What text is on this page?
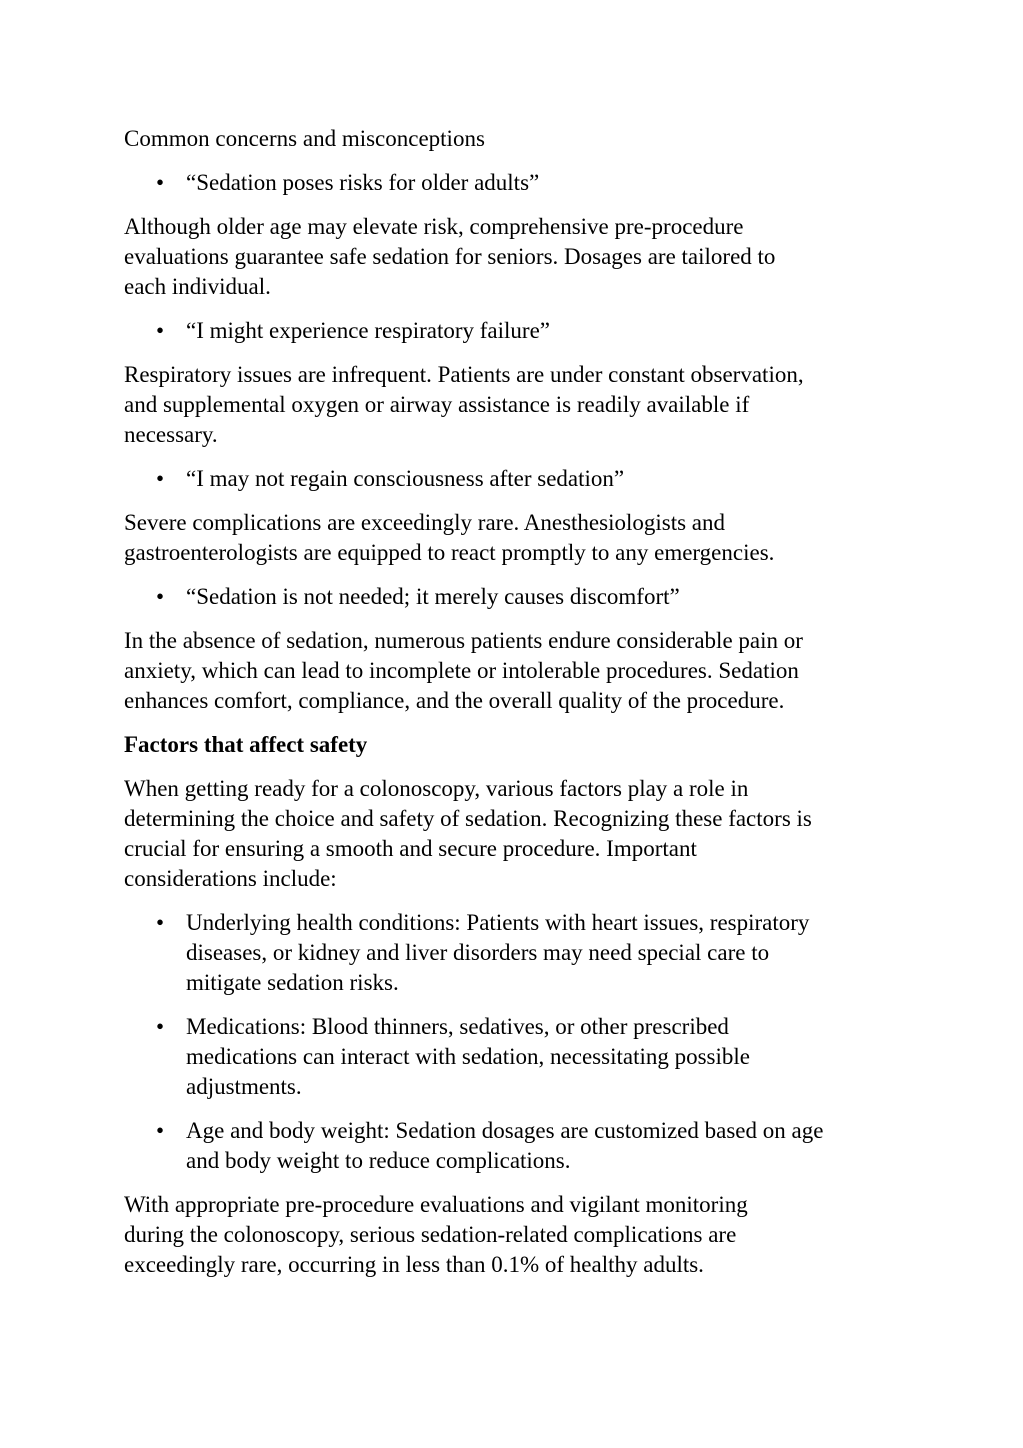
Common concerns and misconceptions

• “Sedation poses risks for older adults”

Although older age may elevate risk, comprehensive pre-procedure
evaluations guarantee safe sedation for seniors. Dosages are tailored to
each individual.

• “I might experience respiratory failure”

Respiratory issues are infrequent. Patients are under constant observation,
and supplemental oxygen or airway assistance is readily available if
necessary.

• “I may not regain consciousness after sedation”

Severe complications are exceedingly rare. Anesthesiologists and
gastroenterologists are equipped to react promptly to any emergencies.

• “Sedation is not needed; it merely causes discomfort”

In the absence of sedation, numerous patients endure considerable pain or
anxiety, which can lead to incomplete or intolerable procedures. Sedation
enhances comfort, compliance, and the overall quality of the procedure.

Factors that affect safety

When getting ready for a colonoscopy, various factors play a role in
determining the choice and safety of sedation. Recognizing these factors is
crucial for ensuring a smooth and secure procedure. Important
considerations include:

• Underlying health conditions: Patients with heart issues, respiratory
diseases, or kidney and liver disorders may need special care to
mitigate sedation risks.

• Medications: Blood thinners, sedatives, or other prescribed
medications can interact with sedation, necessitating possible
adjustments.

• Age and body weight: Sedation dosages are customized based on age
and body weight to reduce complications.

With appropriate pre-procedure evaluations and vigilant monitoring
during the colonoscopy, serious sedation-related complications are
exceedingly rare, occurring in less than 0.1% of healthy adults.
